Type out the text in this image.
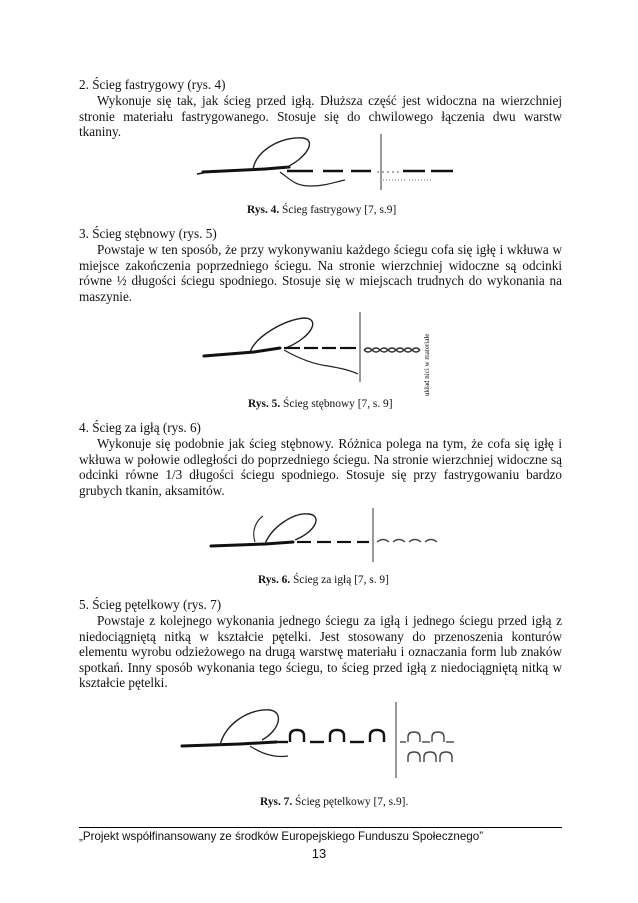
2. Ścieg fastrygowy (rys. 4)

Wykonuje się tak, jak ścieg przed igłą. Dłuższa część jest widoczna na wierzchniej stronie materiału fastrygowanego. Stosuje się do chwilowego łączenia dwu warstw tkaniny.

Rys. 4. Ścieg fastrygowy [7, s.9]
3. Ścieg stębnowy (rys. 5)

Powstaje w ten sposób, że przy wykonywaniu każdego ściegu cofa się igłę i wkłuwa w miejsce zakończenia poprzedniego ściegu. Na stronie wierzchniej widoczne są odcinki równe ½ długości ściegu spodniego. Stosuje się w miejscach trudnych do wykonania na maszynie.

układ nici w materiale
Rys. 5. Ścieg stębnowy [7, s. 9]
4. Ścieg za igłą (rys. 6)

Wykonuje się podobnie jak ścieg stębnowy. Różnica polega na tym, że cofa się igłę i wkłuwa w połowie odległości do poprzedniego ściegu. Na stronie wierzchniej widoczne są odcinki równe 1/3 długości ściegu spodniego. Stosuje się przy fastrygowaniu bardzo grubych tkanin, aksamitów.

Rys. 6. Ścieg za igłą [7, s. 9]
5. Ścieg pętelkowy (rys. 7)

Powstaje z kolejnego wykonania jednego ściegu za igłą i jednego ściegu przed igłą z niedociągniętą nitką w kształcie pętelki. Jest stosowany do przenoszenia konturów elementu wyrobu odzieżowego na drugą warstwę materiału i oznaczania form lub znaków spotkań. Inny sposób wykonania tego ściegu, to ścieg przed igłą z niedociągniętą nitką w kształcie pętelki.

Rys. 7. Ścieg pętelkowy [7, s.9].
„Projekt współfinansowany ze środków Europejskiego Funduszu Społecznego”
13
